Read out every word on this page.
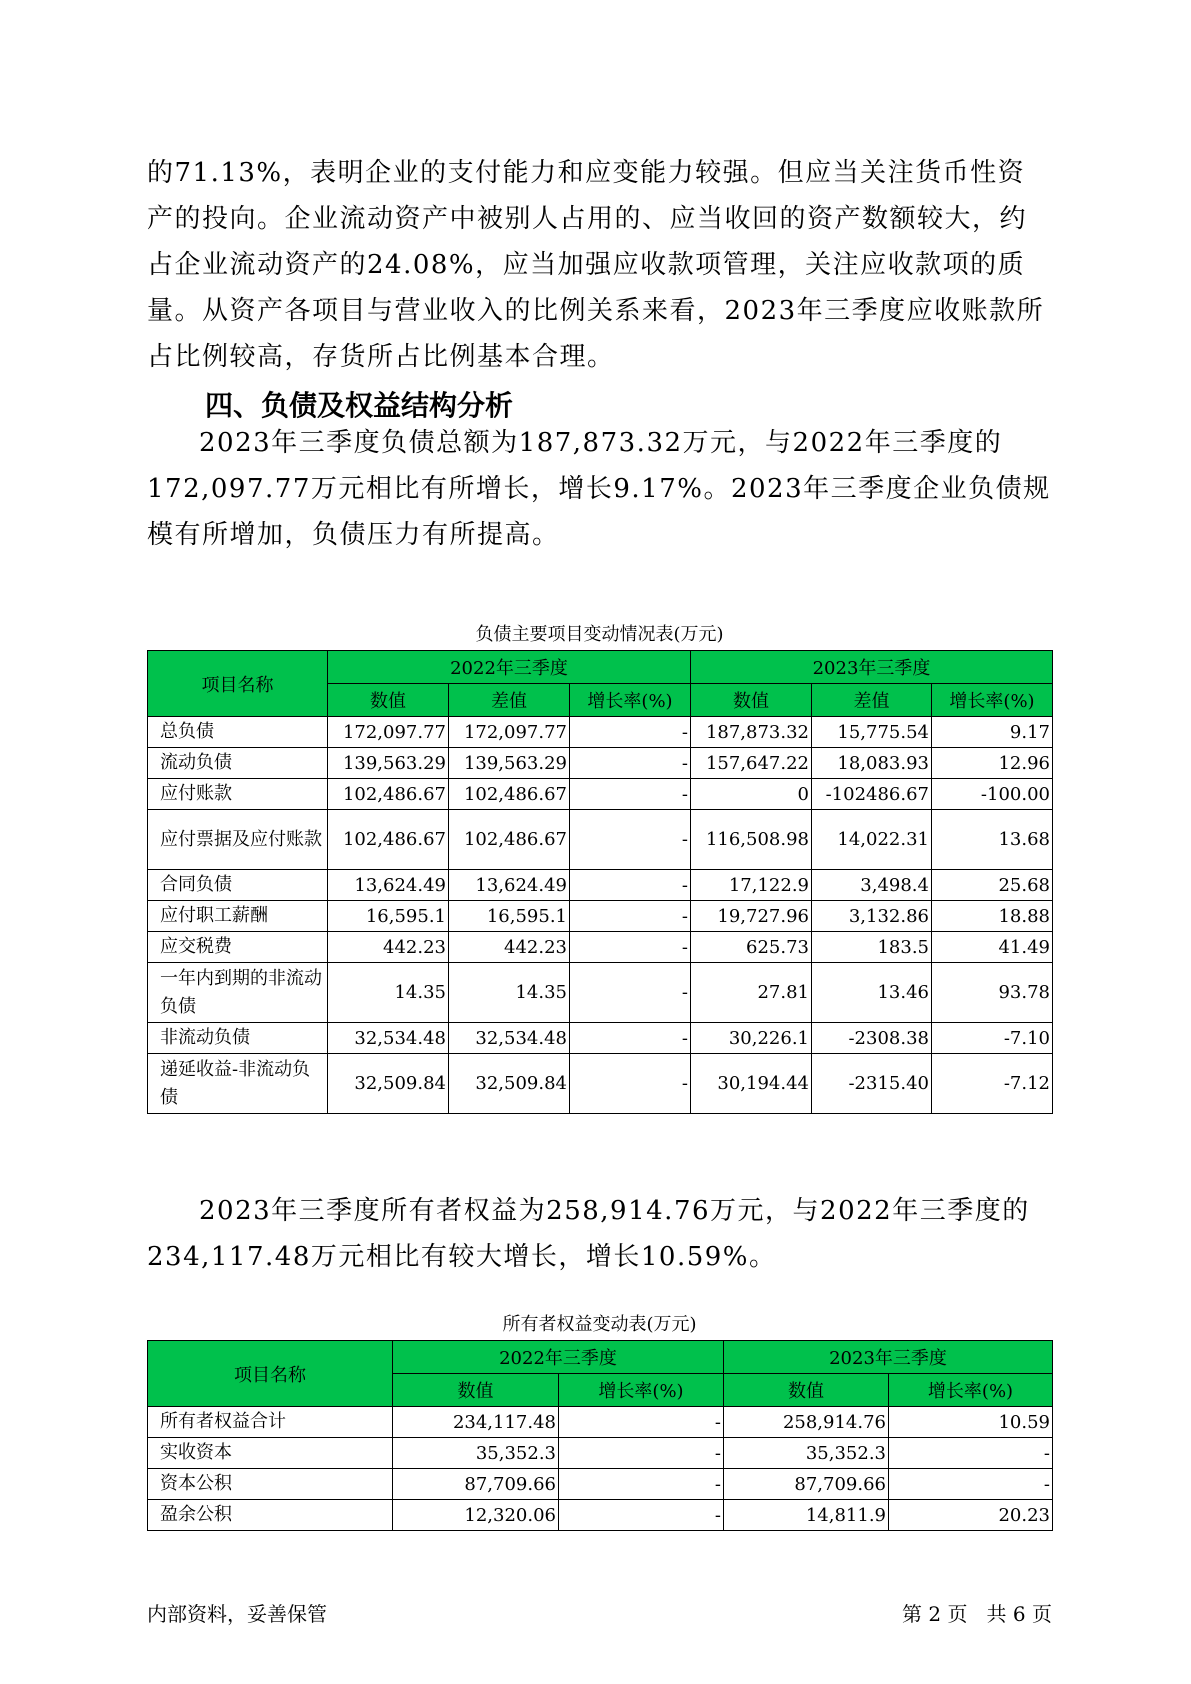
的71.13%，表明企业的支付能力和应变能力较强。但应当关注货币性资产的投向。企业流动资产中被别人占用的、应当收回的资产数额较大，约占企业流动资产的24.08%，应当加强应收款项管理，关注应收款项的质量。从资产各项目与营业收入的比例关系来看，2023年三季度应收账款所占比例较高，存货所占比例基本合理。

四、负债及权益结构分析

2023年三季度负债总额为187,873.32万元，与2022年三季度的172,097.77万元相比有所增长，增长9.17%。2023年三季度企业负债规模有所增加，负债压力有所提高。

负债主要项目变动情况表(万元)

项目名称	2022年三季度			2023年三季度		
	数值	差值	增长率(%)	数值	差值	增长率(%)
总负债	172,097.77	172,097.77	-	187,873.32	15,775.54	9.17
流动负债	139,563.29	139,563.29	-	157,647.22	18,083.93	12.96
应付账款	102,486.67	102,486.67	-	0	-102486.67	-100.00
应付票据及应付账款	102,486.67	102,486.67	-	116,508.98	14,022.31	13.68
合同负债	13,624.49	13,624.49	-	17,122.9	3,498.4	25.68
应付职工薪酬	16,595.1	16,595.1	-	19,727.96	3,132.86	18.88
应交税费	442.23	442.23	-	625.73	183.5	41.49
一年内到期的非流动负债	14.35	14.35	-	27.81	13.46	93.78
非流动负债	32,534.48	32,534.48	-	30,226.1	-2308.38	-7.10
递延收益-非流动负债	32,509.84	32,509.84	-	30,194.44	-2315.40	-7.12

2023年三季度所有者权益为258,914.76万元，与2022年三季度的234,117.48万元相比有较大增长，增长10.59%。

所有者权益变动表(万元)

项目名称	2022年三季度		2023年三季度	
	数值	增长率(%)	数值	增长率(%)
所有者权益合计	234,117.48	-	258,914.76	10.59
实收资本	35,352.3	-	35,352.3	-
资本公积	87,709.66	-	87,709.66	-
盈余公积	12,320.06	-	14,811.9	20.23

内部资料，妥善保管	第 2 页   共 6 页
